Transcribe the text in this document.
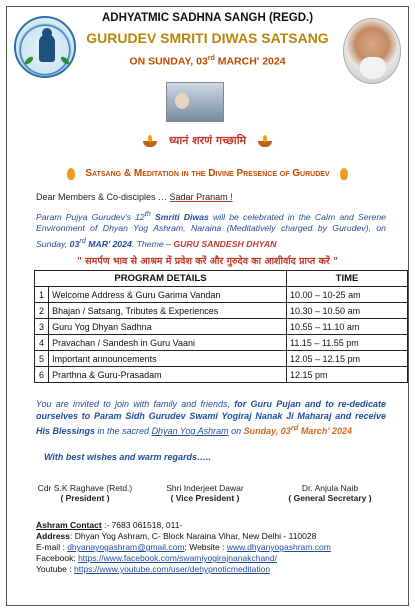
ADHYATMIC SADHNA SANGH (REGD.)
GURUDEV SMRITI DIWAS SATSANG
ON SUNDAY, 03rd MARCH' 2024
ध्यानं शरणं गच्छामि
Satsang & Meditation in the Divine Presence of Gurudev
Dear Members & Co-disciples … Sadar Pranam !
Param Pujya Gurudev's 12th Smriti Diwas will be celebrated in the Calm and Serene Environment of Dhyan Yog Ashram, Naraina (Meditatively charged by Gurudev), on Sunday, 03rd MAR' 2024. Theme – GURU SANDESH DHYAN
" समर्पण भाव से आश्रम में प्रवेश करें और गुरुदेव का आशीर्वाद प्राप्त करें "
PROGRAM DETAILS		TIME
1	Welcome Address & Guru Garima Vandan	10.00 – 10-25 am
2	Bhajan / Satsang, Tributes & Experiences	10.30 – 10.50 am
3	Guru Yog Dhyan Sadhna	10.55 – 11.10 am
4	Pravachan / Sandesh in Guru Vaani	11.15 – 11.55 pm
5	Important announcements	12.05 – 12.15 pm
6	Prarthna & Guru-Prasadam	12.15 pm
You are invited to join with family and friends, for Guru Pujan and to re-dedicate ourselves to Param Sidh Gurudev Swami Yogiraj Nanak Ji Maharaj and receive His Blessings in the sacred Dhyan Yog Ashram on Sunday, 03rd March' 2024
With best wishes and warm regards…..
Cdr S.K Raghave (Retd.)
( President )
Shri Inderjeet Dawar
( Vice President )
Dr. Anjula Naib
( General Secretary )
Ashram Contact :- 7683 061518, 011-
Address: Dhyan Yog Ashram, C- Block Naraina Vihar, New Delhi - 110028
E-mail : dhyanayogashram@gmail.com; Website : www.dhyanyogashram.com
Facebook: https://www.facebook.com/swamiyogirajnanakchand/
Youtube : https://www.youtube.com/user/dehypnoticmeditation
